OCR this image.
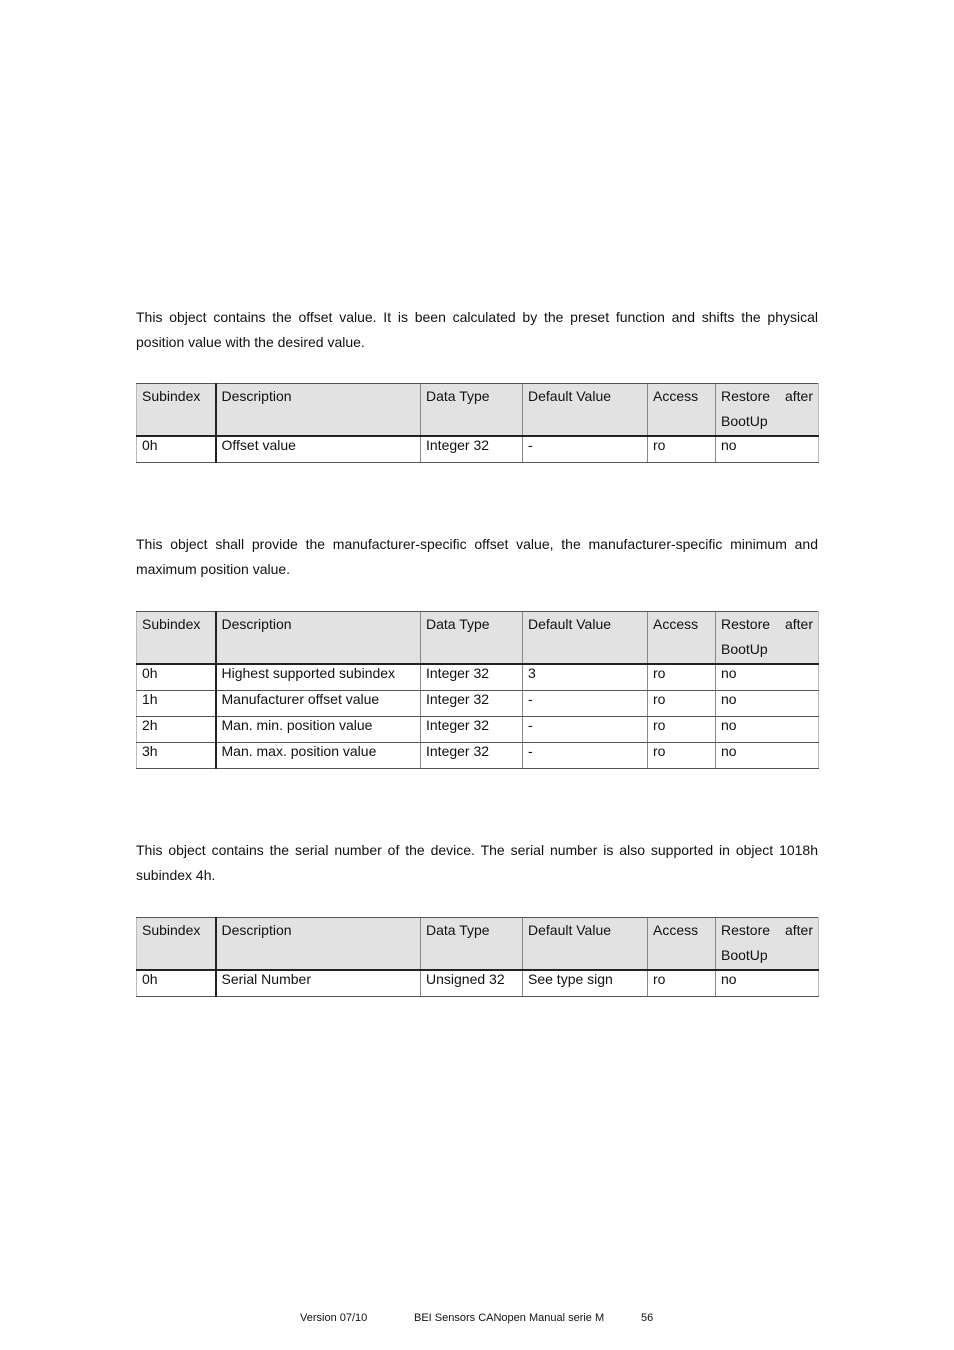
This object contains the offset value. It is been calculated by the preset function and shifts the physical position value with the desired value.

Subindex	Description	Data Type	Default Value	Access	Restore after
BootUp

0h	Offset value	Integer 32	-	ro	no

This object shall provide the manufacturer-specific offset value, the manufacturer-specific minimum and maximum position value.

Subindex	Description	Data Type	Default Value	Access	Restore after
BootUp

0h	Highest supported subindex	Integer 32	3	ro	no
1h	Manufacturer offset value	Integer 32	-	ro	no
2h	Man. min. position value	Integer 32	-	ro	no
3h	Man. max. position value	Integer 32	-	ro	no

This object contains the serial number of the device. The serial number is also supported in object 1018h subindex 4h.

Subindex	Description	Data Type	Default Value	Access	Restore after
BootUp

0h	Serial Number	Unsigned 32	See type sign	ro	no
Version 07/10	BEI Sensors CANopen Manual serie M	56
